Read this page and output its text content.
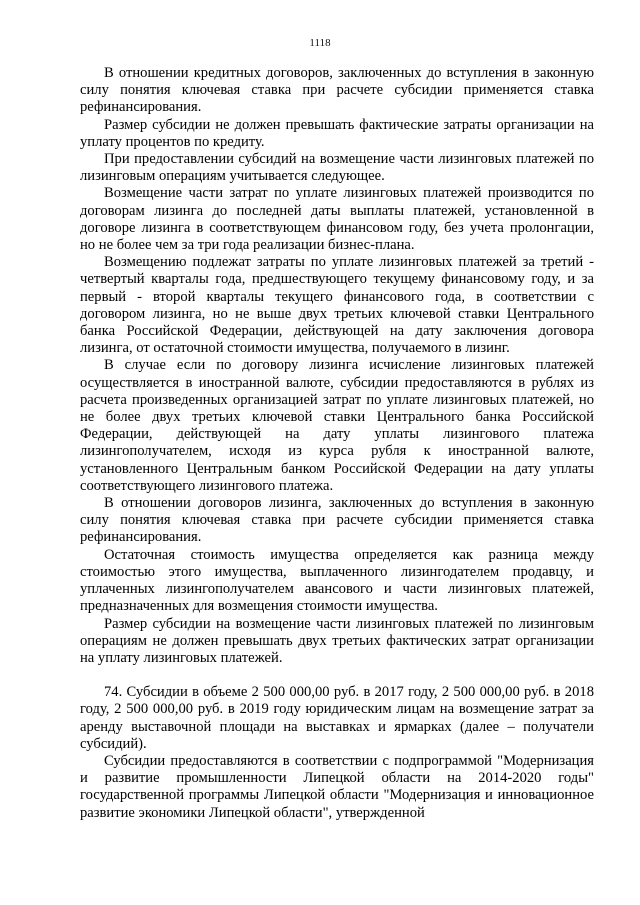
1118

В отношении кредитных договоров, заключенных до вступления в законную силу понятия ключевая ставка при расчете субсидии применяется ставка рефинансирования.

Размер субсидии не должен превышать фактические затраты организации на уплату процентов по кредиту.

При предоставлении субсидий на возмещение части лизинговых платежей по лизинговым операциям учитывается следующее.

Возмещение части затрат по уплате лизинговых платежей производится по договорам лизинга до последней даты выплаты платежей, установленной в договоре лизинга в соответствующем финансовом году, без учета пролонгации, но не более чем за три года реализации бизнес-плана.

Возмещению подлежат затраты по уплате лизинговых платежей за третий - четвертый кварталы года, предшествующего текущему финансовому году, и за первый - второй кварталы текущего финансового года, в соответствии с договором лизинга, но не выше двух третьих ключевой ставки Центрального банка Российской Федерации, действующей на дату заключения договора лизинга, от остаточной стоимости имущества, получаемого в лизинг.

В случае если по договору лизинга исчисление лизинговых платежей осуществляется в иностранной валюте, субсидии предоставляются в рублях из расчета произведенных организацией затрат по уплате лизинговых платежей, но не более двух третьих ключевой ставки Центрального банка Российской Федерации, действующей на дату уплаты лизингового платежа лизингополучателем, исходя из курса рубля к иностранной валюте, установленного Центральным банком Российской Федерации на дату уплаты соответствующего лизингового платежа.

В отношении договоров лизинга, заключенных до вступления в законную силу понятия ключевая ставка при расчете субсидии применяется ставка рефинансирования.

Остаточная стоимость имущества определяется как разница между стоимостью этого имущества, выплаченного лизингодателем продавцу, и уплаченных лизингополучателем авансового и части лизинговых платежей, предназначенных для возмещения стоимости имущества.

Размер субсидии на возмещение части лизинговых платежей по лизинговым операциям не должен превышать двух третьих фактических затрат организации на уплату лизинговых платежей.

74. Субсидии в объеме 2 500 000,00 руб. в 2017 году, 2 500 000,00 руб. в 2018 году, 2 500 000,00 руб. в 2019 году юридическим лицам на возмещение затрат за аренду выставочной площади на выставках и ярмарках (далее – получатели субсидий).

Субсидии предоставляются в соответствии с подпрограммой "Модернизация и развитие промышленности Липецкой области на 2014-2020 годы" государственной программы Липецкой области "Модернизация и инновационное развитие экономики Липецкой области", утвержденной
